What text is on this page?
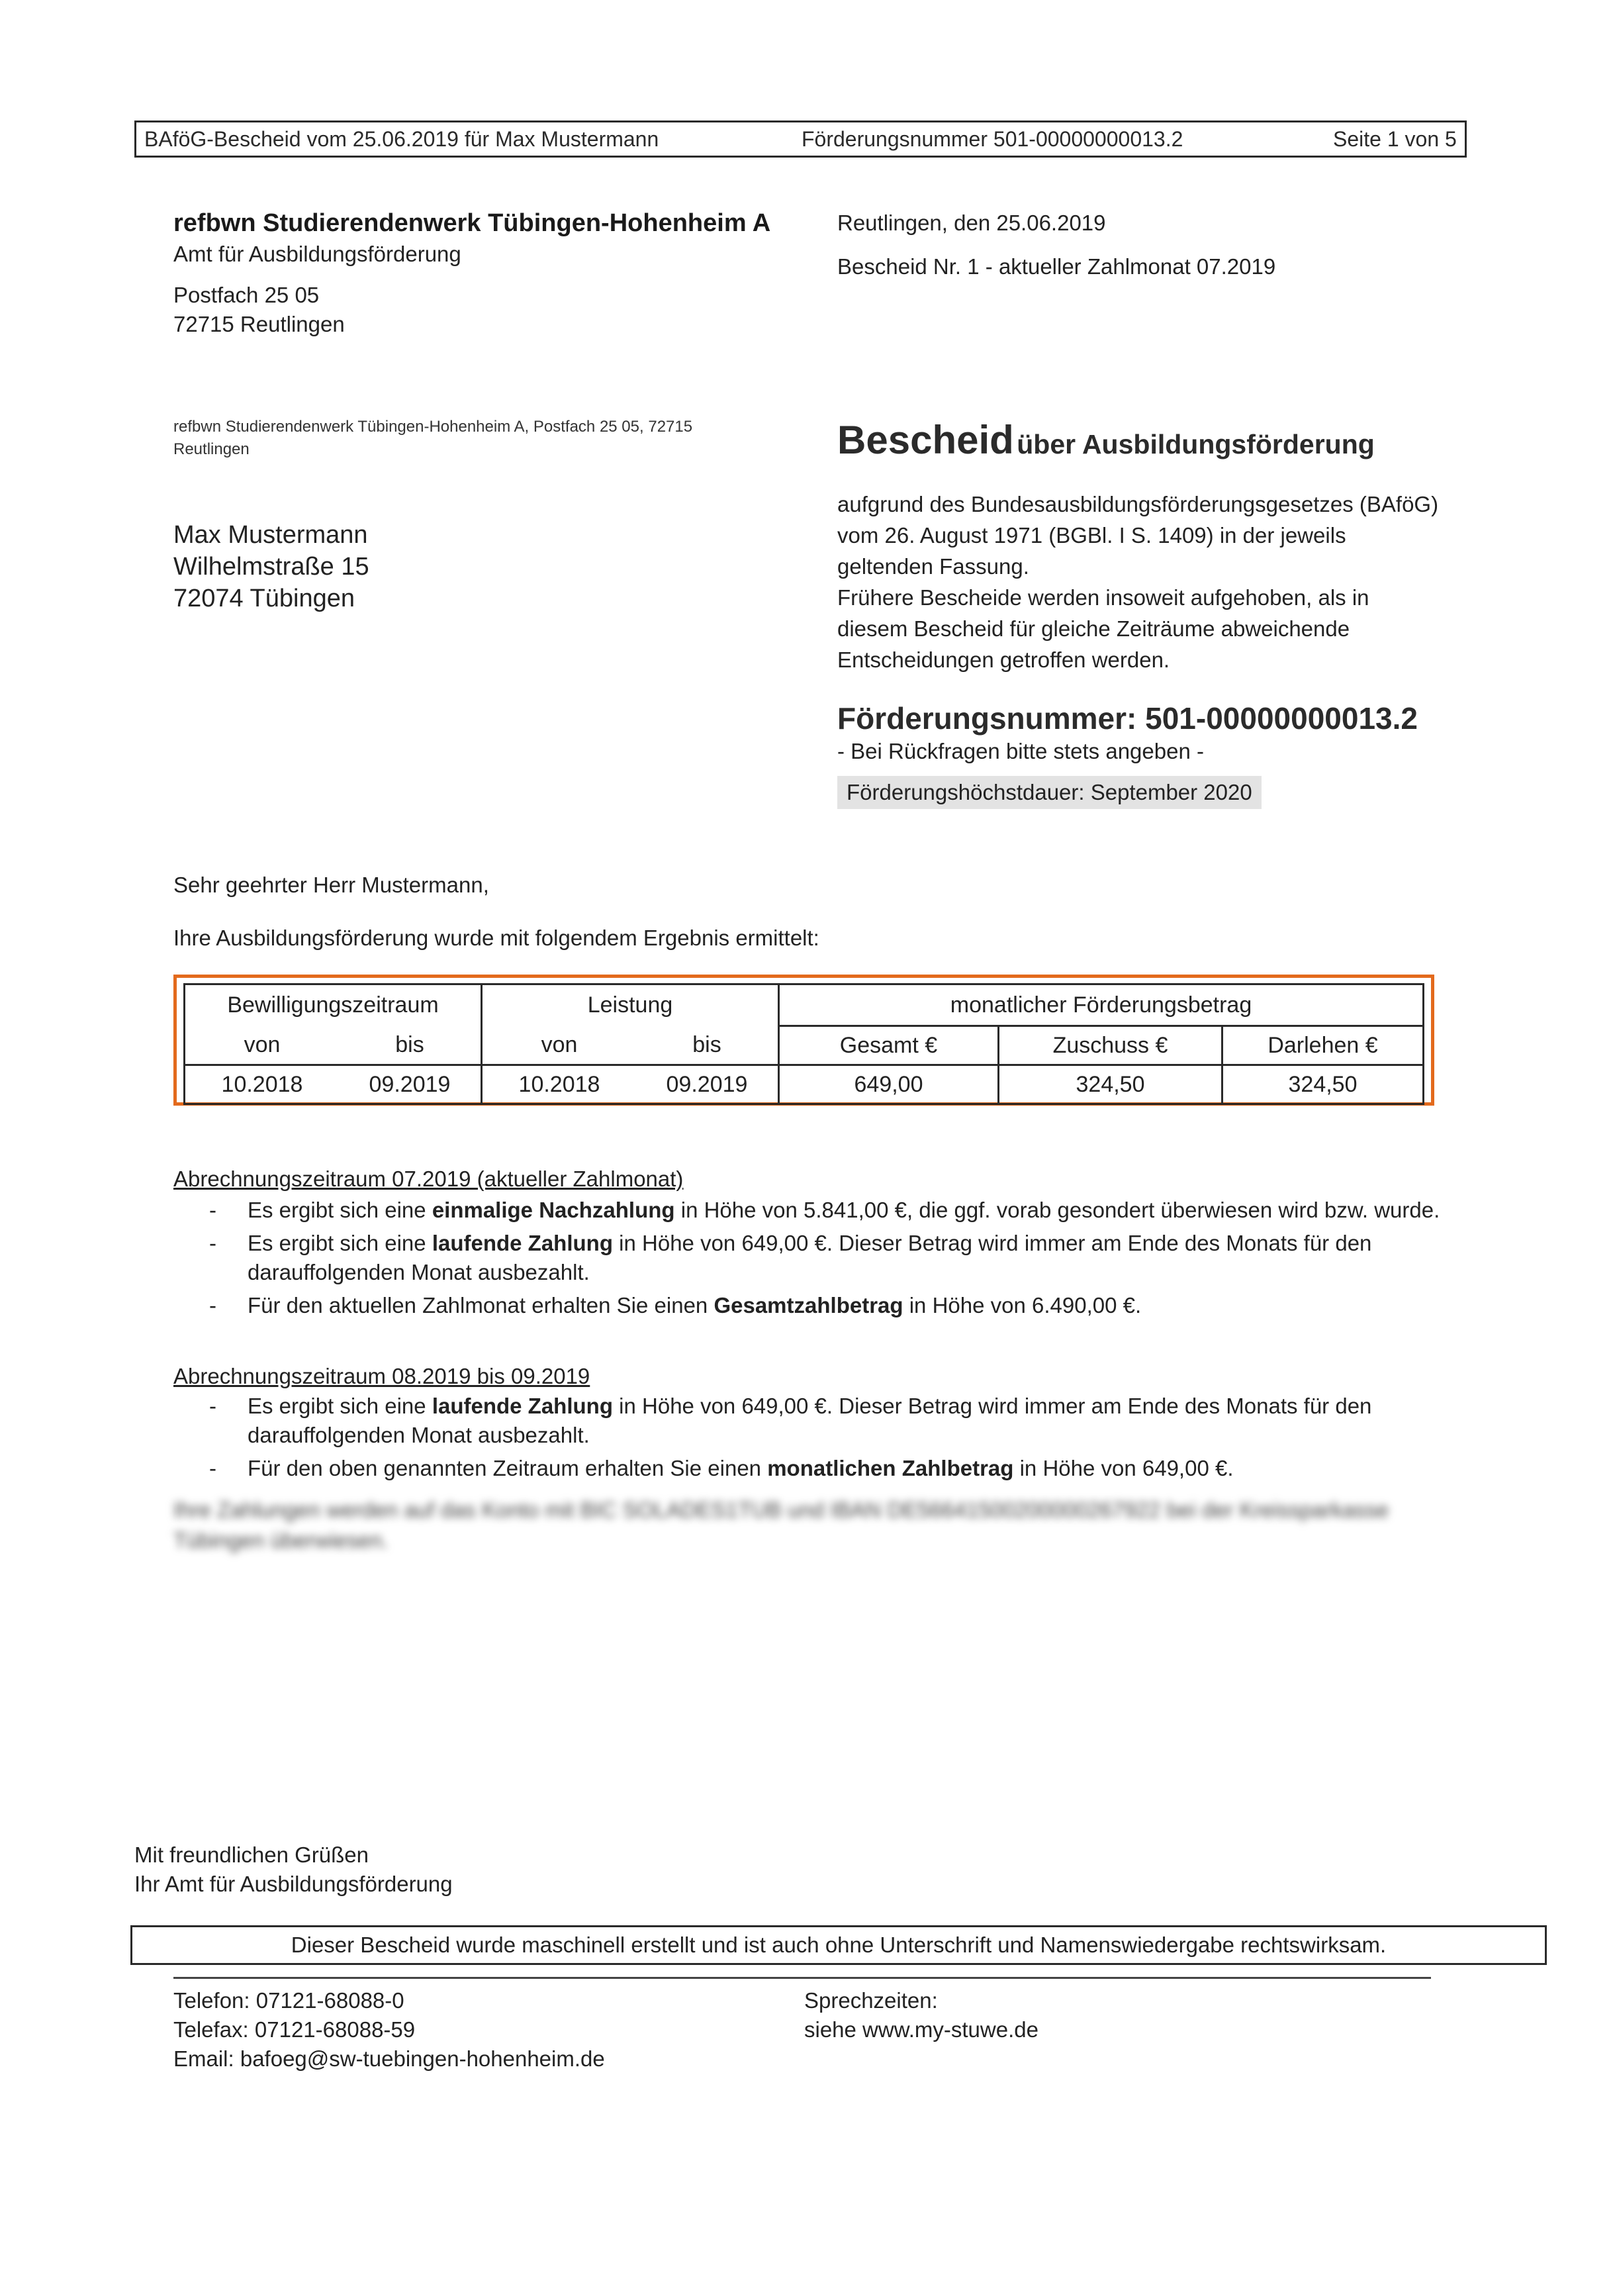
BAföG-Bescheid vom 25.06.2019 für Max Mustermann	Förderungsnummer 501-00000000013.2	Seite 1 von 5
refbwn Studierendenwerk Tübingen-Hohenheim A
Amt für Ausbildungsförderung
Postfach 25 05
72715 Reutlingen
Reutlingen, den 25.06.2019
Bescheid Nr. 1 - aktueller Zahlmonat 07.2019
refbwn Studierendenwerk Tübingen-Hohenheim A, Postfach 25 05, 72715 Reutlingen

Max Mustermann

Wilhelmstraße 15

72074 Tübingen

Bescheid über Ausbildungsförderung

aufgrund des Bundesausbildungsförderungsgesetzes (BAföG)

vom 26. August 1971 (BGBl. I S. 1409) in der jeweils

geltenden Fassung.

Frühere Bescheide werden insoweit aufgehoben, als in

diesem Bescheid für gleiche Zeiträume abweichende

Entscheidungen getroffen werden.

Förderungsnummer: 501-00000000013.2
- Bei Rückfragen bitte stets angeben -
Förderungshöchstdauer: September 2020
Sehr geehrter Herr Mustermann,
Ihre Ausbildungsförderung wurde mit folgendem Ergebnis ermittelt:
Bewilligungszeitraum		Leistung		monatlicher Förderungsbetrag		
von	bis	von	bis	Gesamt €	Zuschuss €	Darlehen €
10.2018	09.2019	10.2018	09.2019	649,00	324,50	324,50
Abrechnungszeitraum 07.2019 (aktueller Zahlmonat)
- Es ergibt sich eine einmalige Nachzahlung in Höhe von 5.841,00 €, die ggf. vorab gesondert überwiesen wird bzw. wurde.
- Es ergibt sich eine laufende Zahlung in Höhe von 649,00 €. Dieser Betrag wird immer am Ende des Monats für den darauffolgenden Monat ausbezahlt.
- Für den aktuellen Zahlmonat erhalten Sie einen Gesamtzahlbetrag in Höhe von 6.490,00 €.
Abrechnungszeitraum 08.2019 bis 09.2019
- Es ergibt sich eine laufende Zahlung in Höhe von 649,00 €. Dieser Betrag wird immer am Ende des Monats für den darauffolgenden Monat ausbezahlt.
- Für den oben genannten Zeitraum erhalten Sie einen monatlichen Zahlbetrag in Höhe von 649,00 €.
Ihre Zahlungen werden auf das Konto mit BIC SOLADES1TUB und IBAN DE56641500200000267922 bei der Kreissparkasse Tübingen überwiesen.

Mit freundlichen Grüßen

Ihr Amt für Ausbildungsförderung

Dieser Bescheid wurde maschinell erstellt und ist auch ohne Unterschrift und Namenswiedergabe rechtswirksam.

Telefon: 07121-68088-0

Telefax: 07121-68088-59

Email: bafoeg@sw-tuebingen-hohenheim.de

Sprechzeiten:

siehe www.my-stuwe.de
